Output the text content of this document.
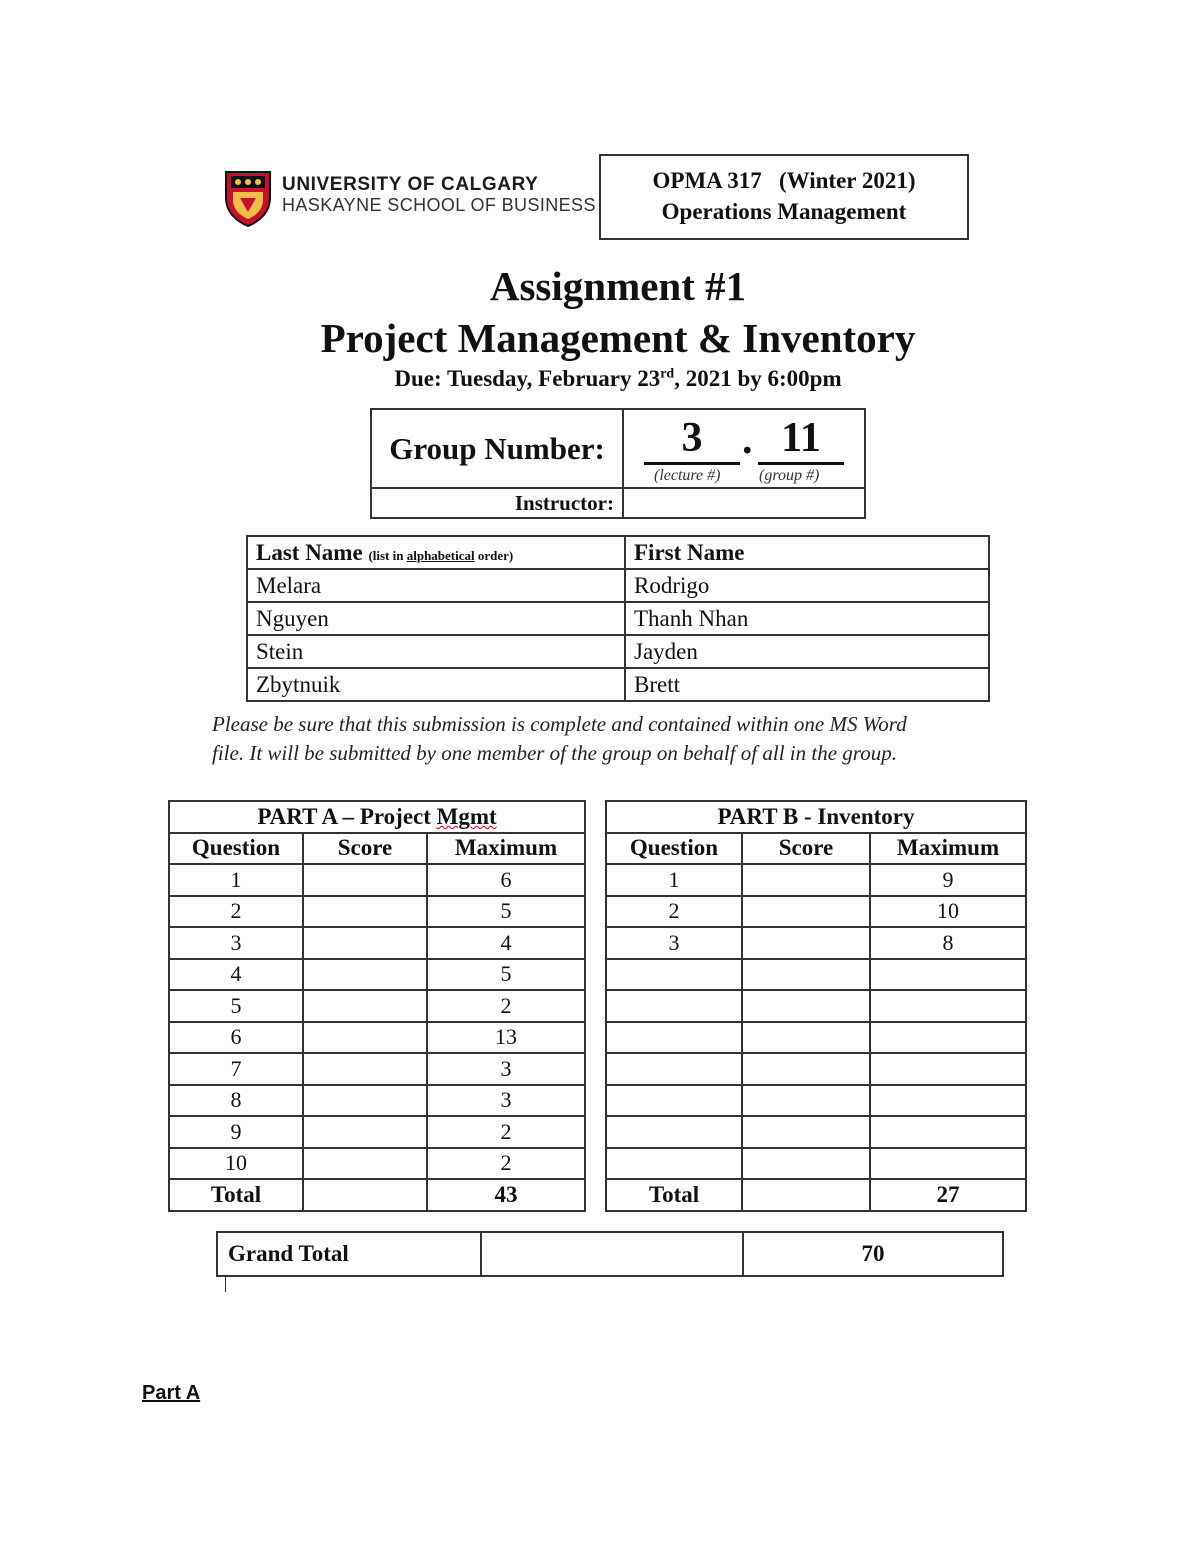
UNIVERSITY OF CALGARY
HASKAYNE SCHOOL OF BUSINESS
OPMA 317   (Winter 2021)
Operations Management
Assignment #1
Project Management & Inventory
Due: Tuesday, February 23rd, 2021 by 6:00pm
Group Number:	3 . 11
(lecture #) (group #)

Instructor:	
Last Name (list in alphabetical order)	First Name
Melara	Rodrigo
Nguyen	Thanh Nhan
Stein	Jayden
Zbytnuik	Brett
Please be sure that this submission is complete and contained within one MS Word
file. It will be submitted by one member of the group on behalf of all in the group.
PART A – Project Mgmt		
Question	Score	Maximum
1		6
2		5
3		4
4		5
5		2
6		13
7		3
8		3
9		2
10		2
Total		43
PART B - Inventory		
Question	Score	Maximum
1		9
2		10
3		8

Total		27
Grand Total		70
Part A
